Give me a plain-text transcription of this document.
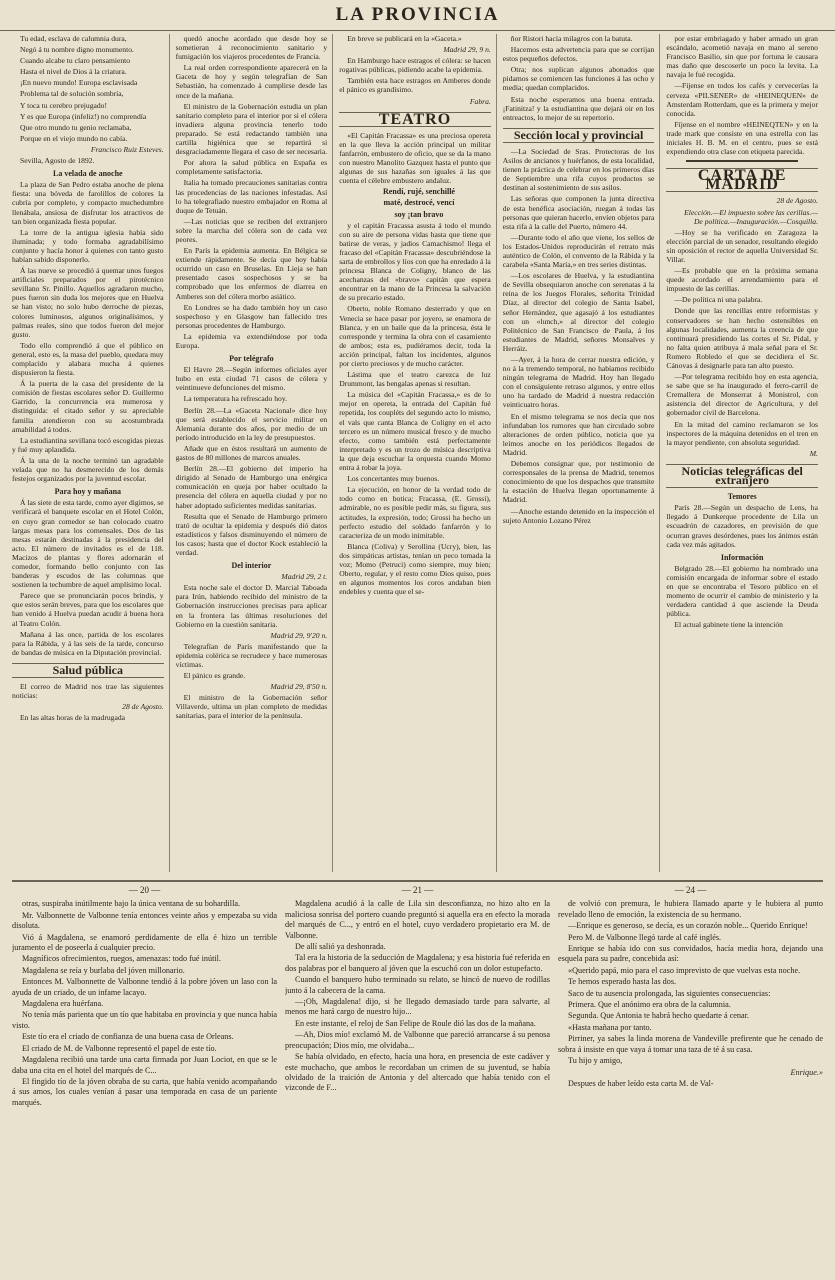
LA PROVINCIA

Tu edad, esclava de calumnia dura,

Negó á tu nombre digno monumento.

Cuando alcabe tu claro pensamiento

Hasta el nivel de Dios á la criatura.

¡En nuevo mundo! Europa esclavisada

Problema tal de solución sombría,

Y toca tu cerebro prejugado!

Y es que Europa (infeliz!) no comprendía

Que otro mundo tu genio reclamaba,

Porque en el viejo mundo no cabía.

Francisco Ruiz Esteves.

Sevilla, Agosto de 1892.

La velada de anoche

La plaza de San Pedro estaba anoche de plena fiesta: una bóveda de farolillos de colores la cubría por completo, y compacto muchedumbre llenábala, ansiosa de disfrutar los atractivos de tan bien organizada fiesta popular.

La torre de la antigua iglesia había sido iluminada; y todo formaba agradabilísimo conjunto y hacía honor á quienes con tanto gusto habían sabido disponerlo.

Á las nueve se procedió á quemar unos fuegos artificiales preparados por el pirotécnico sevillano Sr. Pinillo. Aquellos agradaron mucho, pues fueron sin duda los mejores que en Huelva se han visto; no solo hubo derroche de piezas, colores luminosos, algunos originalísimos, y palmas reales, sino que todos fueron del mejor gusto.

Todo ello comprendió á que el público en general, esto es, la masa del pueblo, quedara muy complacido y alabara mucha á quienes dispusieron la fiesta.

Á la puerta de la casa del presidente de la comisión de fiestas escolares señor D. Guillermo Garrido, la concurrencia era numerosa y distinguida: el citado señor y su apreciable familia atendieron con su acostumbrada amabilidad á todos.

La estudiantina sevillana tocó escogidas piezas y fué muy aplaudida.

Á la una de la noche terminó tan agradable velada que no ha desmerecido de los demás festejos organizados por la juventud escolar.

Para hoy y mañana

Á las siete de esta tarde, como ayer digimos, se verificará el banquete escolar en el Hotel Colón, en cuyo gran comedor se han colocado cuatro largas mesas para los comensales. Dos de las mesas estarán destinadas á la presidencia del acto. El número de invitados es el de 118. Macizos de plantas y flores adornarán el comedor, formando bello conjunto con las banderas y escudos de las columnas que sostienen la techumbre de aquel amplísimo local.

Parece que se pronunciarán pocos brindis, y que estos serán breves, para que los escolares que han venido á Huelva puedan acudir á buena hora al Teatro Colón.

Mañana á las once, partida de los escolares para la Rábida, y á las seis de la tarde, concurso de bandas de música en la Diputación provincial.

Salud pública

El correo de Madrid nos trae las siguientes noticias:

28 de Agosto.

En las altas horas de la madrugada

quedó anoche acordado que desde hoy se sometieran á reconocimiento sanitario y fumigación los viajeros procedentes de Francia.

La real orden correspondiente aparecerá en la Gaceta de hoy y según telegrafían de San Sebastián, ha comenzado á cumplirse desde las once de la mañana.

El ministro de la Gobernación estudia un plan sanitario completo para el interior por si el cólera invadiera alguna provincia tenerlo todo preparado. Se está redactando también una cartilla higiénica que se repartirá si desgraciadamente llegara el caso de ser necesaria.

Por ahora la salud pública en España es completamente satisfactoria.

Italia ha tomado precauciones sanitarias contra las procedencias de las naciones infestadas. Así lo ha telegrafiado nuestro embajador en Roma al duque de Tetuán.

—Las noticias que se reciben del extranjero sobre la marcha del cólera son de cada vez peores.

En París la epidemia aumenta. En Bélgica se extiende rápidamente. Se decía que hoy había ocurrido un caso en Bruselas. En Lieja se han presentado casos sospechosos y se ha comprobado que los enfermos de diarrea en Amberes son del cólera morbo asiático.

En Londres se ha dado también hoy un caso sospechoso y en Glasgow han fallecido tres personas procedentes de Hamburgo.

La epidemia va extendiéndose por toda Europa.

Por telégrafo

El Havre 28.—Según informes oficiales ayer hubo en esta ciudad 71 casos de cólera y veintinueve defunciones del mismo.

La temperatura ha refrescado hoy.

Berlín 28.—La «Gaceta Nacional» dice hoy que será establecido el servicio militar en Alemania durante dos años, por medio de un período introducido en la ley de presupuestos.

Añade que en éstos resultará un aumento de gastos de 80 millones de marcos anuales.

Berlín 28.—El gobierno del imperio ha dirigido al Senado de Hamburgo una enérgica comunicación en queja por haber ocultado la presencia del cólera en aquella ciudad y por no haber adoptado suficientes medidas sanitarias.

Resulta que el Senado de Hamburgo primero trató de ocultar la epidemia y después dió datos estadísticos y falsos disminuyendo el número de los casos; hasta que el doctor Kock estableció la verdad.

Del interior

Madrid 29, 2 t.

Esta noche sale el doctor D. Marcial Taboada para Irún, habiendo recibido del ministro de la Gobernación instrucciones precisas para aplicar en la frontera las últimas resoluciones del Gobierno en la cuestión sanitaria.

Madrid 29, 9'20 n.

Telegrafían de París manifestando que la epidemia colérica se recrudece y hace numerosas víctimas.

El pánico es grande.

Madrid 29, 8'50 n.

El ministro de la Gobernación señor Villaverde, ultima un plan completo de medidas sanitarias, para el interior de la península.

En breve se publicará en la «Gaceta.»

Madrid 29, 9 n.

En Hamburgo hace estragos el cólera: se hacen rogativas públicas, pidiendo acabe la epidemia.

También esta hace estragos en Amberes donde el pánico es grandísimo.

Fabra.

TEATRO

«El Capitán Fracassa» es una preciosa opereta en la que lleva la acción principal un militar fanfarrón, embustero de oficio, que se da la mano con nuestro Manolito Gazquez hasta el punto que algunas de sus hazañas son iguales á las que cuenta el célebre embustero andaluz.

Rendí, rujé, senchillé

maté, destrocé, vencí

soy ¡tan bravo

y el capitán Fracassa asusta á todo el mundo con su aire de persona vidas hasta que tiene que batirse de veras, y jadios Camachismo! llega el fracaso del «Capitán Fracassa» descubriéndose la sarta de embrollos y líos con que ha enredado á la princesa Blanca de Coligny, blanco de las acechanzas del «bravo» capitán que espera encontrar en la mano de la Princesa la salvación de su precario estado.

Oberto, noble Romano desterrado y que en Venecia se hace pasar por joyero, se enamora de Blanca, y en un baile que da la princesa, ésta le corresponde y termina la obra con el casamiento de ambos; esta es, pudiéramos decir, toda la acción principal, faltan los incidentes, algunos por cierto preciosos y de mucho carácter.

Lástima que el teatro carezca de luz Drummont, las bengalas apenas si resultan.

La música del «Capitán Fracassa,» es de lo mejor en opereta, la entrada del Capitán fué repetida, los coupléts del segundo acto lo mismo, el vals que canta Blanca de Coligny en el acto tercero es un número musical fresco y de mucho efecto, como también está perfectamente interpretado y es un trozo de música descriptiva la que deja escuchar la orquesta cuando Momo entra á robar la joya.

Los concertantes muy buenos.

La ejecución, en honor de la verdad todo de todo como en botica; Fracassa, (E. Grossi), admirable, no es posible pedir más, su figura, sus actitudes, la expresión, todo; Grossi ha hecho un perfecto estudio del soldado fanfarrón y lo caracteriza de un modo inimitable.

Blanca (Coliva) y Serollina (Ucry), bien, las dos simpáticas artistas, tenían un peco tomada la voz; Momo (Petruci) como siempre, muy bien; Oberto, regular, y el resto como Dios quiso, pues en algunos momentos los coros andaban bien endebles y cuenta que el se-

ñor Ristori hacía milagros con la batuta.

Hacemos esta advertencia para que se corrijan estos pequeños defectos.

Otra; nos suplican algunos abonados que pidamos se comiencen las funciones á las ocho y media; quedan complacidos.

Esta noche esperamos una buena entrada. ¡Fatinitza! y la estudiantina que dejará oir en los entreactos, lo mejor de su repertorio.

Sección local y provincial

—La Sociedad de Sras. Protectoras de los Asilos de ancianos y huérfanos, de esta localidad, tienen la práctica de celebrar en los primeros días de Septiembre una rifa cuyos productos se destinan al sostenimiento de sus asilos.

Las señoras que componen la junta directiva de esta benéfica asociación, ruegan á todas las personas que quieran hacerlo, envíen objetos para esta rifa á la calle del Puerto, número 44.

—Durante todo el año que viene, los sellos de los Estados-Unidos reproducirán el retrato más auténtico de Colón, el convento de la Rábida y la carabela «Santa María,» en tres series distintas.

—Los escolares de Huelva, y la estudiantina de Sevilla obsequiaron anoche con serenatas á la reina de los Juegos Florales, señorita Trinidad Díaz, al director del colegio de Santa Isabel, señor Hernández, que agasajó á los estudiantes con un «lunch,» al director del colegio Politécnico de San Francisco de Paula, á los estudiantes de Madrid, señores Monsalves y Herráiz.

—Ayer, á la hora de cerrar nuestra edición, y no á la tremendo temporal, no habíamos recibido ningún telegrama de Madrid. Hoy han llegado con el consiguiente retraso algunos, y entre ellos uno ha tardado de Madrid á nuestra redacción veinticuatro horas.

En el mismo telegrama se nos decía que nos infundaban los rumores que han circulado sobre alteraciones de orden público, noticia que ya leímos anoche en los periódicos llegados de Madrid.

Debemos consignar que, por testimonio de corresponsales de la prensa de Madrid, tenemos conocimiento de que los despachos que transmite la estación de Huelva llegan oportunamente á Madrid.

—Anoche estando detenido en la inspección el sujeto Antonio Lozano Pérez

por estar embriagado y haber armado un gran escándalo, acometió navaja en mano al sereno Francisco Basilio, sin que por fortuna le causara mas daño que descoserle un poco la levita. La navaja le fué recogida.

—Fíjense en todos los cafés y cervecerías la cerveza «PILSENER» de «HEINEQUEN» de Amsterdam Rotterdam, que es la primera y mejor conocida.

Fíjense en el nombre «HEINEQTEN» y en la trade mark que consiste en una estrella con las iniciales H. B. M. en el centro, pues se está expendiendo otra clase con etiqueta parecida.

CARTA DE MADRID

28 de Agosto.

Elección.—El impuesto sobre las cerillas.— De política.—Inauguración.—Cosquilla.

—Hoy se ha verificado en Zaragoza la elección parcial de un senador, resultando elegido sin oposición el rector de aquella Universidad Sr. Villar.

—Es probable que en la próxima semana quede acordado el arrendamiento para el impuesto de las cerillas.

—De política ni una palabra.

Donde que las rencillas entre reformistas y conservadores se han hecho ostensibles en algunas localidades, aumenta la creencia de que continuará presidiendo las cortes el Sr. Pidal, y no falta quien atribuya á mala señal para el Sr. Romero Robledo el que se decidiera el Sr. Cánovas á designarle para tan alto puesto.

—Por telegrama recibido hoy en esta agencia, se sabe que se ha inaugurado el ferro-carril de Cremallera de Monserrat á Monistrol, con asistencia del director de Agricultura, y del gobernador civil de Barcelona.

En la mitad del camino reclamaron se los inspectores de la máquina detenidos en el tren en la mayor pendiente, con absoluta seguridad.

M.

Noticias telegráficas del extranjero
Temores

París 28.—Según un despacho de Lens, ha llegado á Dunkerque procedente de Lila un escuadrón de cazadores, en previsión de que ocurran graves desórdenes, pues los ánimos están cada vez más agitados.

Información

Belgrado 28.—El gobierno ha nombrado una comisión encargada de informar sobre el estado en que se encontraba el Tesoro público en el momento de ocurrir el cambio de ministerio y la verdadera cantidad á que asciende la Deuda pública.

El actual gabinete tiene la intención

— 20 —

otras, suspiraba inútilmente bajo la única ventana de su bohardilla.

Mr. Valbonnette de Valbonne tenía entonces veinte años y empezaba su vida disoluta.

Vió á Magdalena, se enamoró perdidamente de ella é hizo un terrible juramento el de poseerla á cualquier precio.

Magníficos ofrecimientos, ruegos, amenazas: todo fué inútil.

Magdalena se reía y burlaba del jóven millonario.

Entonces M. Valbonnette de Valbonne tendió á la pobre jóven un laso con la ayuda de un criado, de un infame lacayo.

Magdalena era huérfana.

No tenía más parienta que un tío que habitaba en provincia y que nunca había visto.

Este tío era el criado de confianza de una buena casa de Orleans.

El criado de M. de Valbonne representó el papel de este tío.

Magdalena recibió una tarde una carta firmada por Juan Lociot, en que se le daba una cita en el hotel del marqués de C...

El fingido tío de la jóven obraba de su carta, que había venido acompañando á sus amos, los cuales venían á pasar una temporada en casa de un pariente marqués.

— 21 —

Magdalena acudió á la calle de Lila sin desconfianza, no hizo alto en la maliciosa sonrisa del portero cuando preguntó si aquella era en efecto la morada del marqués de C..., y entró en el hotel, cuyo verdadero propietario era M. de Valbonne.

De allí salió ya deshonrada.

Tal era la historia de la seducción de Magdalena; y esa historia fué referida en dos palabras por el banquero al jóven que la escuchó con un dolor estupefacto.

Cuando el banquero hubo terminado su relato, se hincó de nuevo de rodillas junto á la cabecera de la cama.

—¡Oh, Magdalena! dijo, si he llegado demasiado tarde para salvarte, al menos me hará cargo de nuestro hijo...

En este instante, el reloj de San Felipe de Roule dió las dos de la mañana.

—Ah, Dios mío! exclamó M. de Valbonne que pareció arrancarse á su penosa preocupación; Dios mío, me olvidaba...

Se había olvidado, en efecto, hacía una hora, en presencia de este cadáver y este muchacho, que ambos le recordaban un crimen de su juventud, se había olvidado de la traición de Antonia y del altercado que había tenido con el vizconde de F...

— 24 —

de volvió con premura, le hubiera llamado aparte y le hubiera al punto revelado lleno de emoción, la existencia de su hermano.

—Enrique es generoso, se decía, es un corazón noble... Querido Enrique!

Pero M. de Valbonne llegó tarde al café inglés.

Enrique se había ido con sus convidados, hacía media hora, dejando una esquela para su padre, concebida así:

«Querido papá, mio para el caso imprevisto de que vuelvas esta noche.

Te hemos esperado hasta las dos.

Saco de tu ausencia prolongada, las siguientes consecuencias:

Primera. Que el anónimo era obra de la calumnia.

Segunda. Que Antonia te habrá hecho quedarte á cenar.

«Hasta mañana por tanto.

Pirriner, ya sabes la linda morena de Vandeville prefirente que he cenado de sobra á insiste en que vaya á tomar una taza de té á su casa.

Tu hijo y amigo,

Enrique.»

Despues de haber leído esta carta M. de Val-
